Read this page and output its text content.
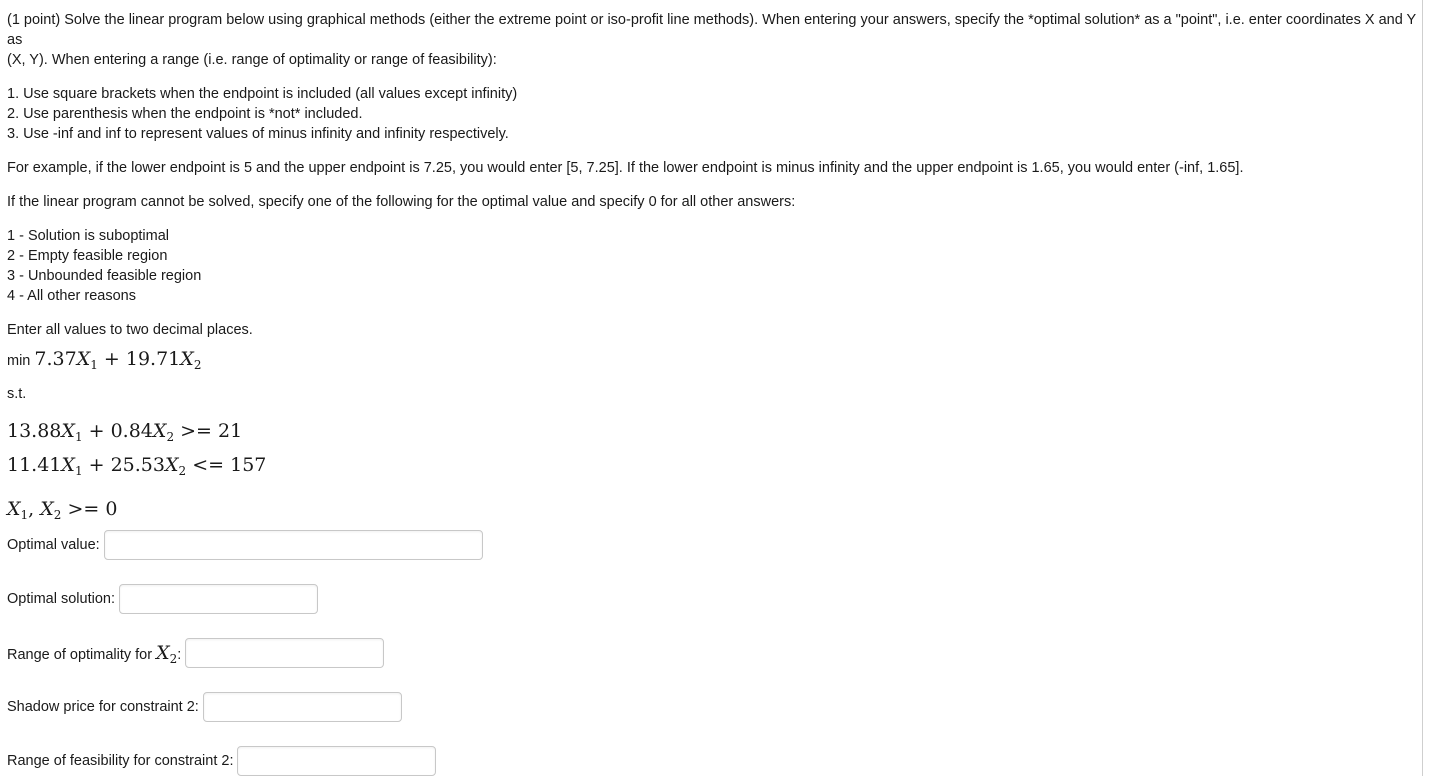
(1 point) Solve the linear program below using graphical methods (either the extreme point or iso-profit line methods). When entering your answers, specify the *optimal solution* as a "point", i.e. enter coordinates X and Y as
(X, Y). When entering a range (i.e. range of optimality or range of feasibility):

1. Use square brackets when the endpoint is included (all values except infinity)
2. Use parenthesis when the endpoint is *not* included.
3. Use -inf and inf to represent values of minus infinity and infinity respectively.

For example, if the lower endpoint is 5 and the upper endpoint is 7.25, you would enter [5, 7.25]. If the lower endpoint is minus infinity and the upper endpoint is 1.65, you would enter (-inf, 1.65].

If the linear program cannot be solved, specify one of the following for the optimal value and specify 0 for all other answers:

1 - Solution is suboptimal
2 - Empty feasible region
3 - Unbounded feasible region
4 - All other reasons

Enter all values to two decimal places.

$\min 7.37X_1 + 19.71X_2$
s.t.
$13.88X_1 + 0.84X_2 >= 21$
$11.41X_1 + 25.53X_2 <= 157$
$X_1$, $X_2 >= 0$
Optimal value:
Optimal solution:
Range of optimality for $X_2$:
Shadow price for constraint 2:
Range of feasibility for constraint 2:
